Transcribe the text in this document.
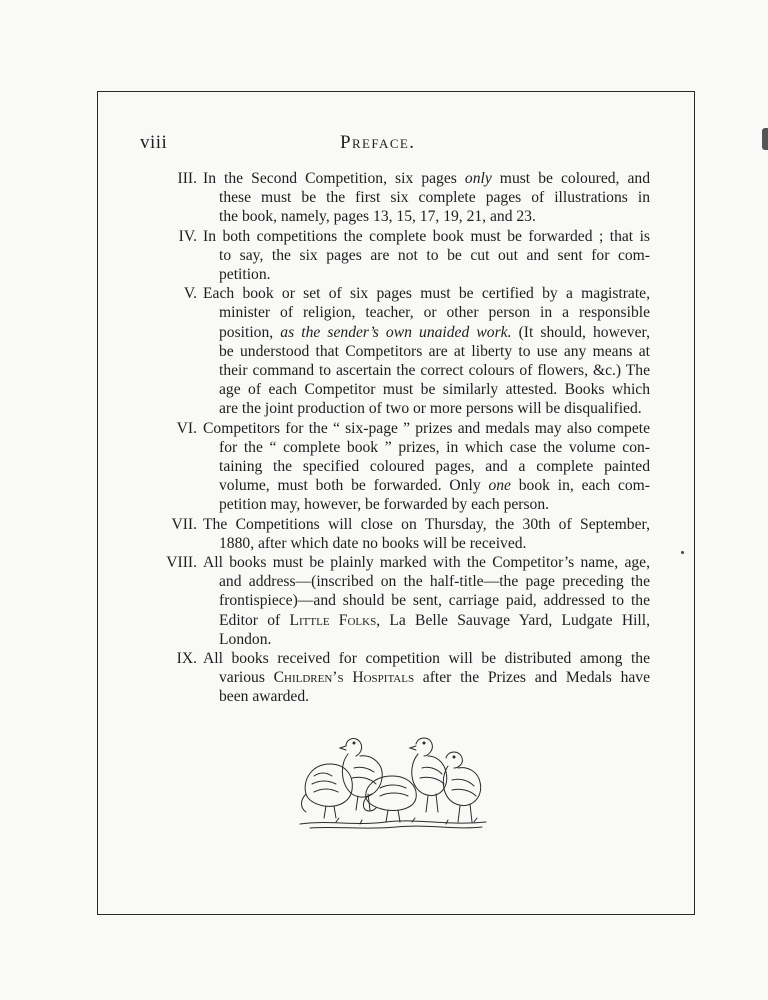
viii	Preface.
III. In the Second Competition, six pages only must be coloured, and
these must be the first six complete pages of illustrations in
the book, namely, pages 13, 15, 17, 19, 21, and 23.
IV. In both competitions the complete book must be forwarded ; that is
to say, the six pages are not to be cut out and sent for com-
petition.
V. Each book or set of six pages must be certified by a magistrate,
minister of religion, teacher, or other person in a responsible
position, as the sender’s own unaided work. (It should, however,
be understood that Competitors are at liberty to use any means at
their command to ascertain the correct colours of flowers, &c.) The
age of each Competitor must be similarly attested. Books which
are the joint production of two or more persons will be disqualified.
VI. Competitors for the “ six-page ” prizes and medals may also compete
for the “ complete book ” prizes, in which case the volume con-
taining the specified coloured pages, and a complete painted
volume, must both be forwarded. Only one book in, each com-
petition may, however, be forwarded by each person.
VII. The Competitions will close on Thursday, the 30th of September,
1880, after which date no books will be received.
VIII. All books must be plainly marked with the Competitor’s name, age,
and address—(inscribed on the half-title—the page preceding the
frontispiece)—and should be sent, carriage paid, addressed to the
Editor of Little Folks, La Belle Sauvage Yard, Ludgate Hill,
London.
IX. All books received for competition will be distributed among the
various Children’s Hospitals after the Prizes and Medals have
been awarded.
